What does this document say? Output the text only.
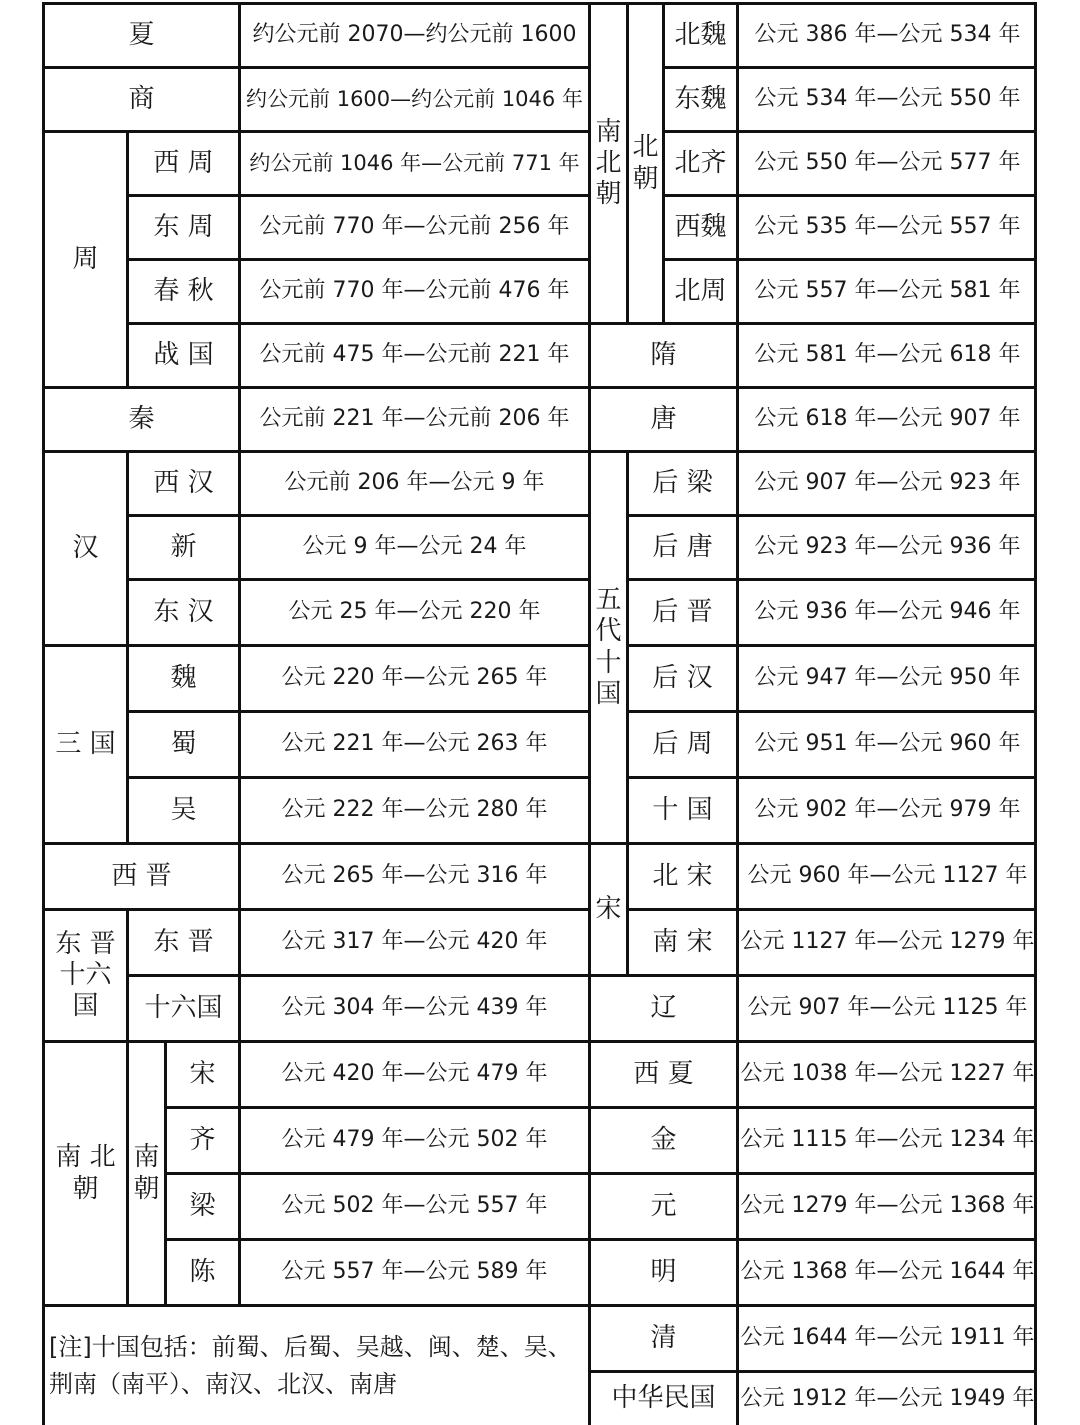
夏	约公元前 2070—约公元前 1600
商	约公元前 1600—约公元前 1046 年
周
西 周	约公元前 1046 年—公元前 771 年
东 周	公元前 770 年—公元前 256 年
春 秋	公元前 770 年—公元前 476 年
战 国	公元前 475 年—公元前 221 年
秦	公元前 221 年—公元前 206 年
汉
西 汉	公元前 206 年—公元 9 年
新	公元 9 年—公元 24 年
东 汉	公元 25 年—公元 220 年
三 国
魏	公元 220 年—公元 265 年
蜀	公元 221 年—公元 263 年
吴	公元 222 年—公元 280 年
西 晋	公元 265 年—公元 316 年
东 晋 十六 国
东 晋	公元 317 年—公元 420 年
十六国	公元 304 年—公元 439 年
南 北 朝
南 朝
宋	公元 420 年—公元 479 年
齐	公元 479 年—公元 502 年
梁	公元 502 年—公元 557 年
陈	公元 557 年—公元 589 年
[注]十国包括：前蜀、后蜀、吴越、闽、楚、吴、荆南（南平）、南汉、北汉、南唐
南 北 朝
北 朝
北魏	公元 386 年—公元 534 年
东魏	公元 534 年—公元 550 年
北齐	公元 550 年—公元 577 年
西魏	公元 535 年—公元 557 年
北周	公元 557 年—公元 581 年
隋	公元 581 年—公元 618 年
唐	公元 618 年—公元 907 年
五 代 十 国
后 梁	公元 907 年—公元 923 年
后 唐	公元 923 年—公元 936 年
后 晋	公元 936 年—公元 946 年
后 汉	公元 947 年—公元 950 年
后 周	公元 951 年—公元 960 年
十 国	公元 902 年—公元 979 年
宋
北 宋	公元 960 年—公元 1127 年
南 宋	公元 1127 年—公元 1279 年
辽	公元 907 年—公元 1125 年
西 夏	公元 1038 年—公元 1227 年
金	公元 1115 年—公元 1234 年
元	公元 1279 年—公元 1368 年
明	公元 1368 年—公元 1644 年
清	公元 1644 年—公元 1911 年
中华民国	公元 1912 年—公元 1949 年
